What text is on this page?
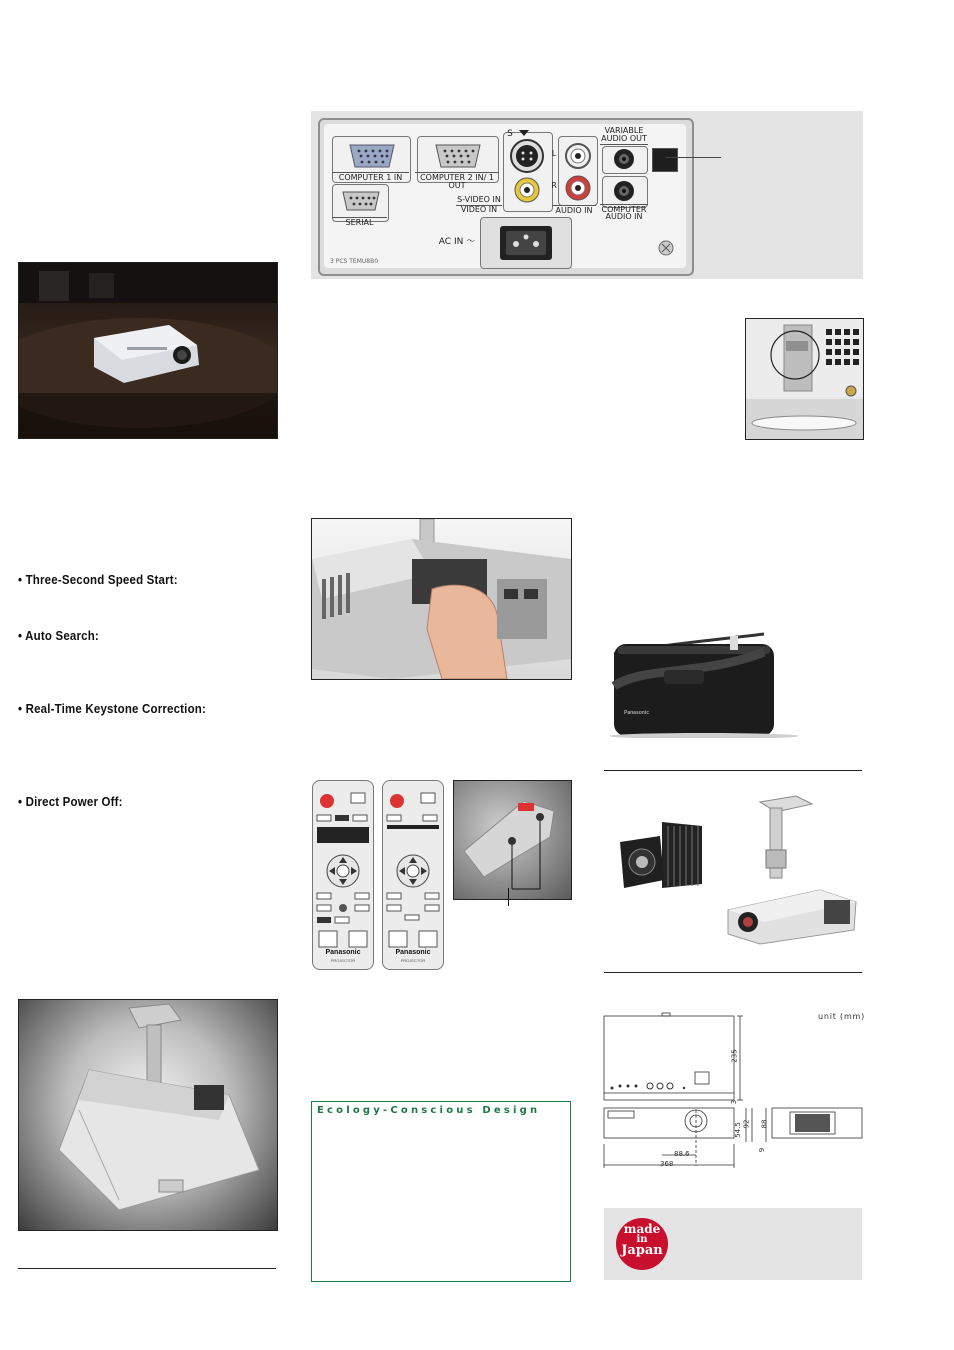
• Three-Second Speed Start:
• Auto Search:
• Real-Time Keystone Correction:
• Direct Power Off:
COMPUTER 1 IN	COMPUTER 2 IN/ 1 OUT
SERIAL
S
S-VIDEO IN
VIDEO IN
L
R
AUDIO IN
VARIABLE
AUDIO OUT
COMPUTER
AUDIO IN
AC IN ～
3 PCS TEMU8B0
Panasonic
Panasonic
PROJECTOR
Panasonic
PROJECTOR
Ecology-Conscious Design
unit (mm)
235
3
54.5
9
92 88
88.6
368
made
in
Japan
